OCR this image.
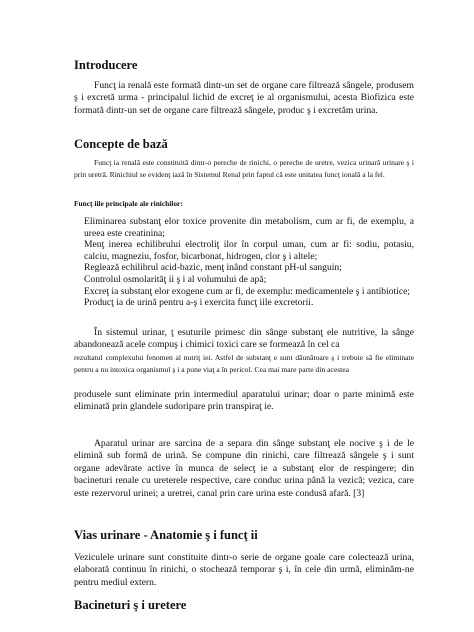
Introducere

Funcţ ia renală este formată dintr-un set de organe care filtrează sângele, produsem ş i excretă urma - principalul lichid de excreţ ie al organismului, acesta Biofizica este formată dintr-un set de organe care filtrează sângele, produc ş i excretăm urina.

Concepte de bază

Funcţ ia renală este constituită dintr-o pereche de rinichi, o pereche de uretre, vezica urinară urinare ş i prin uretră. Rinichiul se evidenţ iază în Sistemul Renal prin faptul că este unitatea funcţ ională a la fel.

Funcţ iile principale ale rinichilor:

Eliminarea substanţ elor toxice provenite din metabolism, cum ar fi, de exemplu, a ureea este creatinina;
Menţ inerea echilibrului electroliţ ilor în corpul uman, cum ar fi: sodiu, potasiu, calciu, magneziu, fosfor, bicarbonat, hidrogen, clor ş i altele;
Reglează echilibrul acid-bazic, menţ inând constant pH-ul sanguin;
Controlul osmolarităţ ii ş i al volumului de apă;
Excreţ ia substanţ elor exogene cum ar fi, de exemplu: medicamentele ş i antibiotice;
Producţ ia de urină pentru a-ş i exercita funcţ iile excretorii.

În sistemul urinar, ţ esuturile primesc din sânge substanţ ele nutritive, la sânge abandonează acele compuş i chimici toxici care se formează în cel ca

rezultatul complexului fenomen al nutriţ iei. Astfel de substanţ e sunt dăunătoare ş i trebuie să fie eliminate pentru a nu intoxica organismul ş i a pune viaţ a în pericol. Cea mai mare parte din acestea

produsele sunt eliminate prin intermediul aparatului urinar; doar o parte minimă este eliminată prin glandele sudoripare prin transpiraţ ie.

Aparatul urinar are sarcina de a separa din sânge substanţ ele nocive ş i de le elimină sub formă de urină. Se compune din rinichi, care filtrează sângele ş i sunt organe adevărate active în munca de selecţ ie a substanţ elor de respingere; din bacineturi renale cu ureterele respective, care conduc urina până la vezică; vezica, care este rezervorul urinei; a uretrei, canal prin care urina este condusă afară. [3]

Vias urinare - Anatomie ş i funcţ ii

Veziculele urinare sunt constituite dintr-o serie de organe goale care colectează urina, elaborată continuu în rinichi, o stochează temporar ş i, în cele din urmă, eliminăm-ne pentru mediul extern.

Bacineturi ş i uretere
